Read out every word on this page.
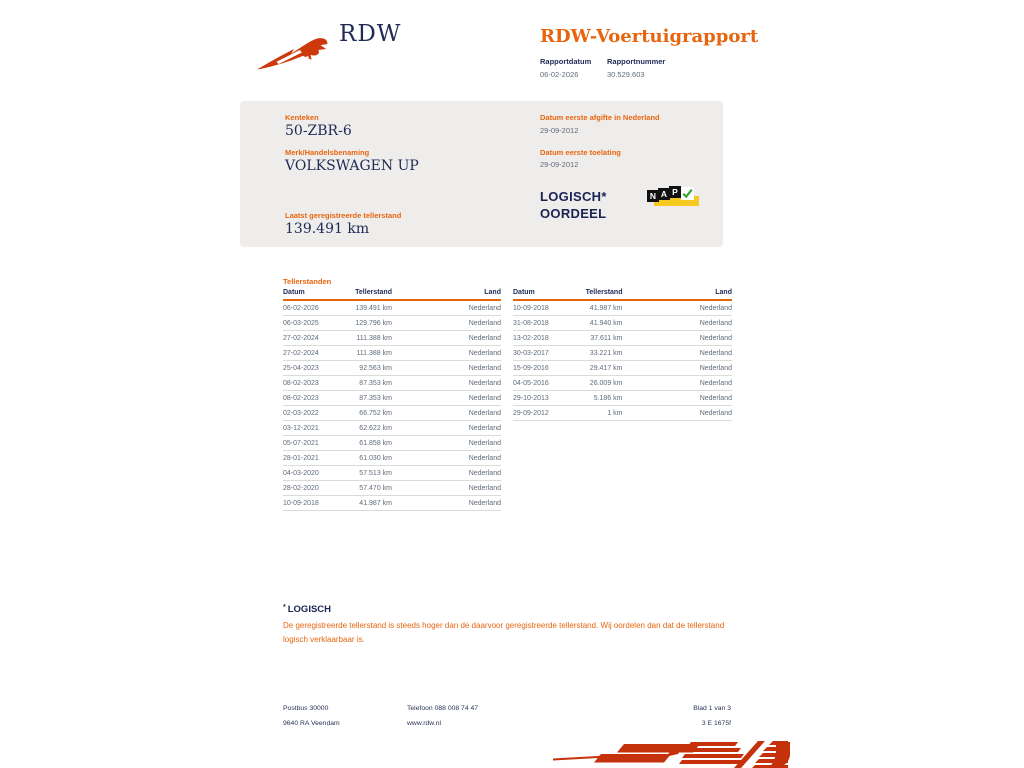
RDW	RDW-Voertuigrapport
Rapportdatum
06-02-2026
Rapportnummer
30.529.603
Kenteken
50-ZBR-6
Merk/Handelsbenaming
VOLKSWAGEN UP
Laatst geregistreerde tellerstand
139.491 km
Datum eerste afgifte in Nederland
29-09-2012
Datum eerste toelating
29-09-2012
LOGISCH*
OORDEEL
N A P
Tellerstanden
Datum	Tellerstand	Land
06-02-2026	139.491 km	Nederland
06-03-2025	129.796 km	Nederland
27-02-2024	111.388 km	Nederland
27-02-2024	111.388 km	Nederland
25-04-2023	92.563 km	Nederland
08-02-2023	87.353 km	Nederland
08-02-2023	87.353 km	Nederland
02-03-2022	66.752 km	Nederland
03-12-2021	62.622 km	Nederland
05-07-2021	61.858 km	Nederland
28-01-2021	61.030 km	Nederland
04-03-2020	57.513 km	Nederland
28-02-2020	57.470 km	Nederland
10-09-2018	41.987 km	Nederland
Datum	Tellerstand	Land
10-09-2018	41.987 km	Nederland
31-08-2018	41.940 km	Nederland
13-02-2018	37.611 km	Nederland
30-03-2017	33.221 km	Nederland
15-09-2016	29.417 km	Nederland
04-05-2016	26.009 km	Nederland
29-10-2013	5.186 km	Nederland
29-09-2012	1 km	Nederland
* LOGISCH
De geregistreerde tellerstand is steeds hoger dan de daarvoor geregistreerde tellerstand. Wij oordelen dan dat de tellerstand logisch verklaarbaar is.
Postbus 30000
9640 RA Veendam
Telefoon 088 008 74 47
www.rdw.nl
Blad 1 van 3
3 E 1675f
